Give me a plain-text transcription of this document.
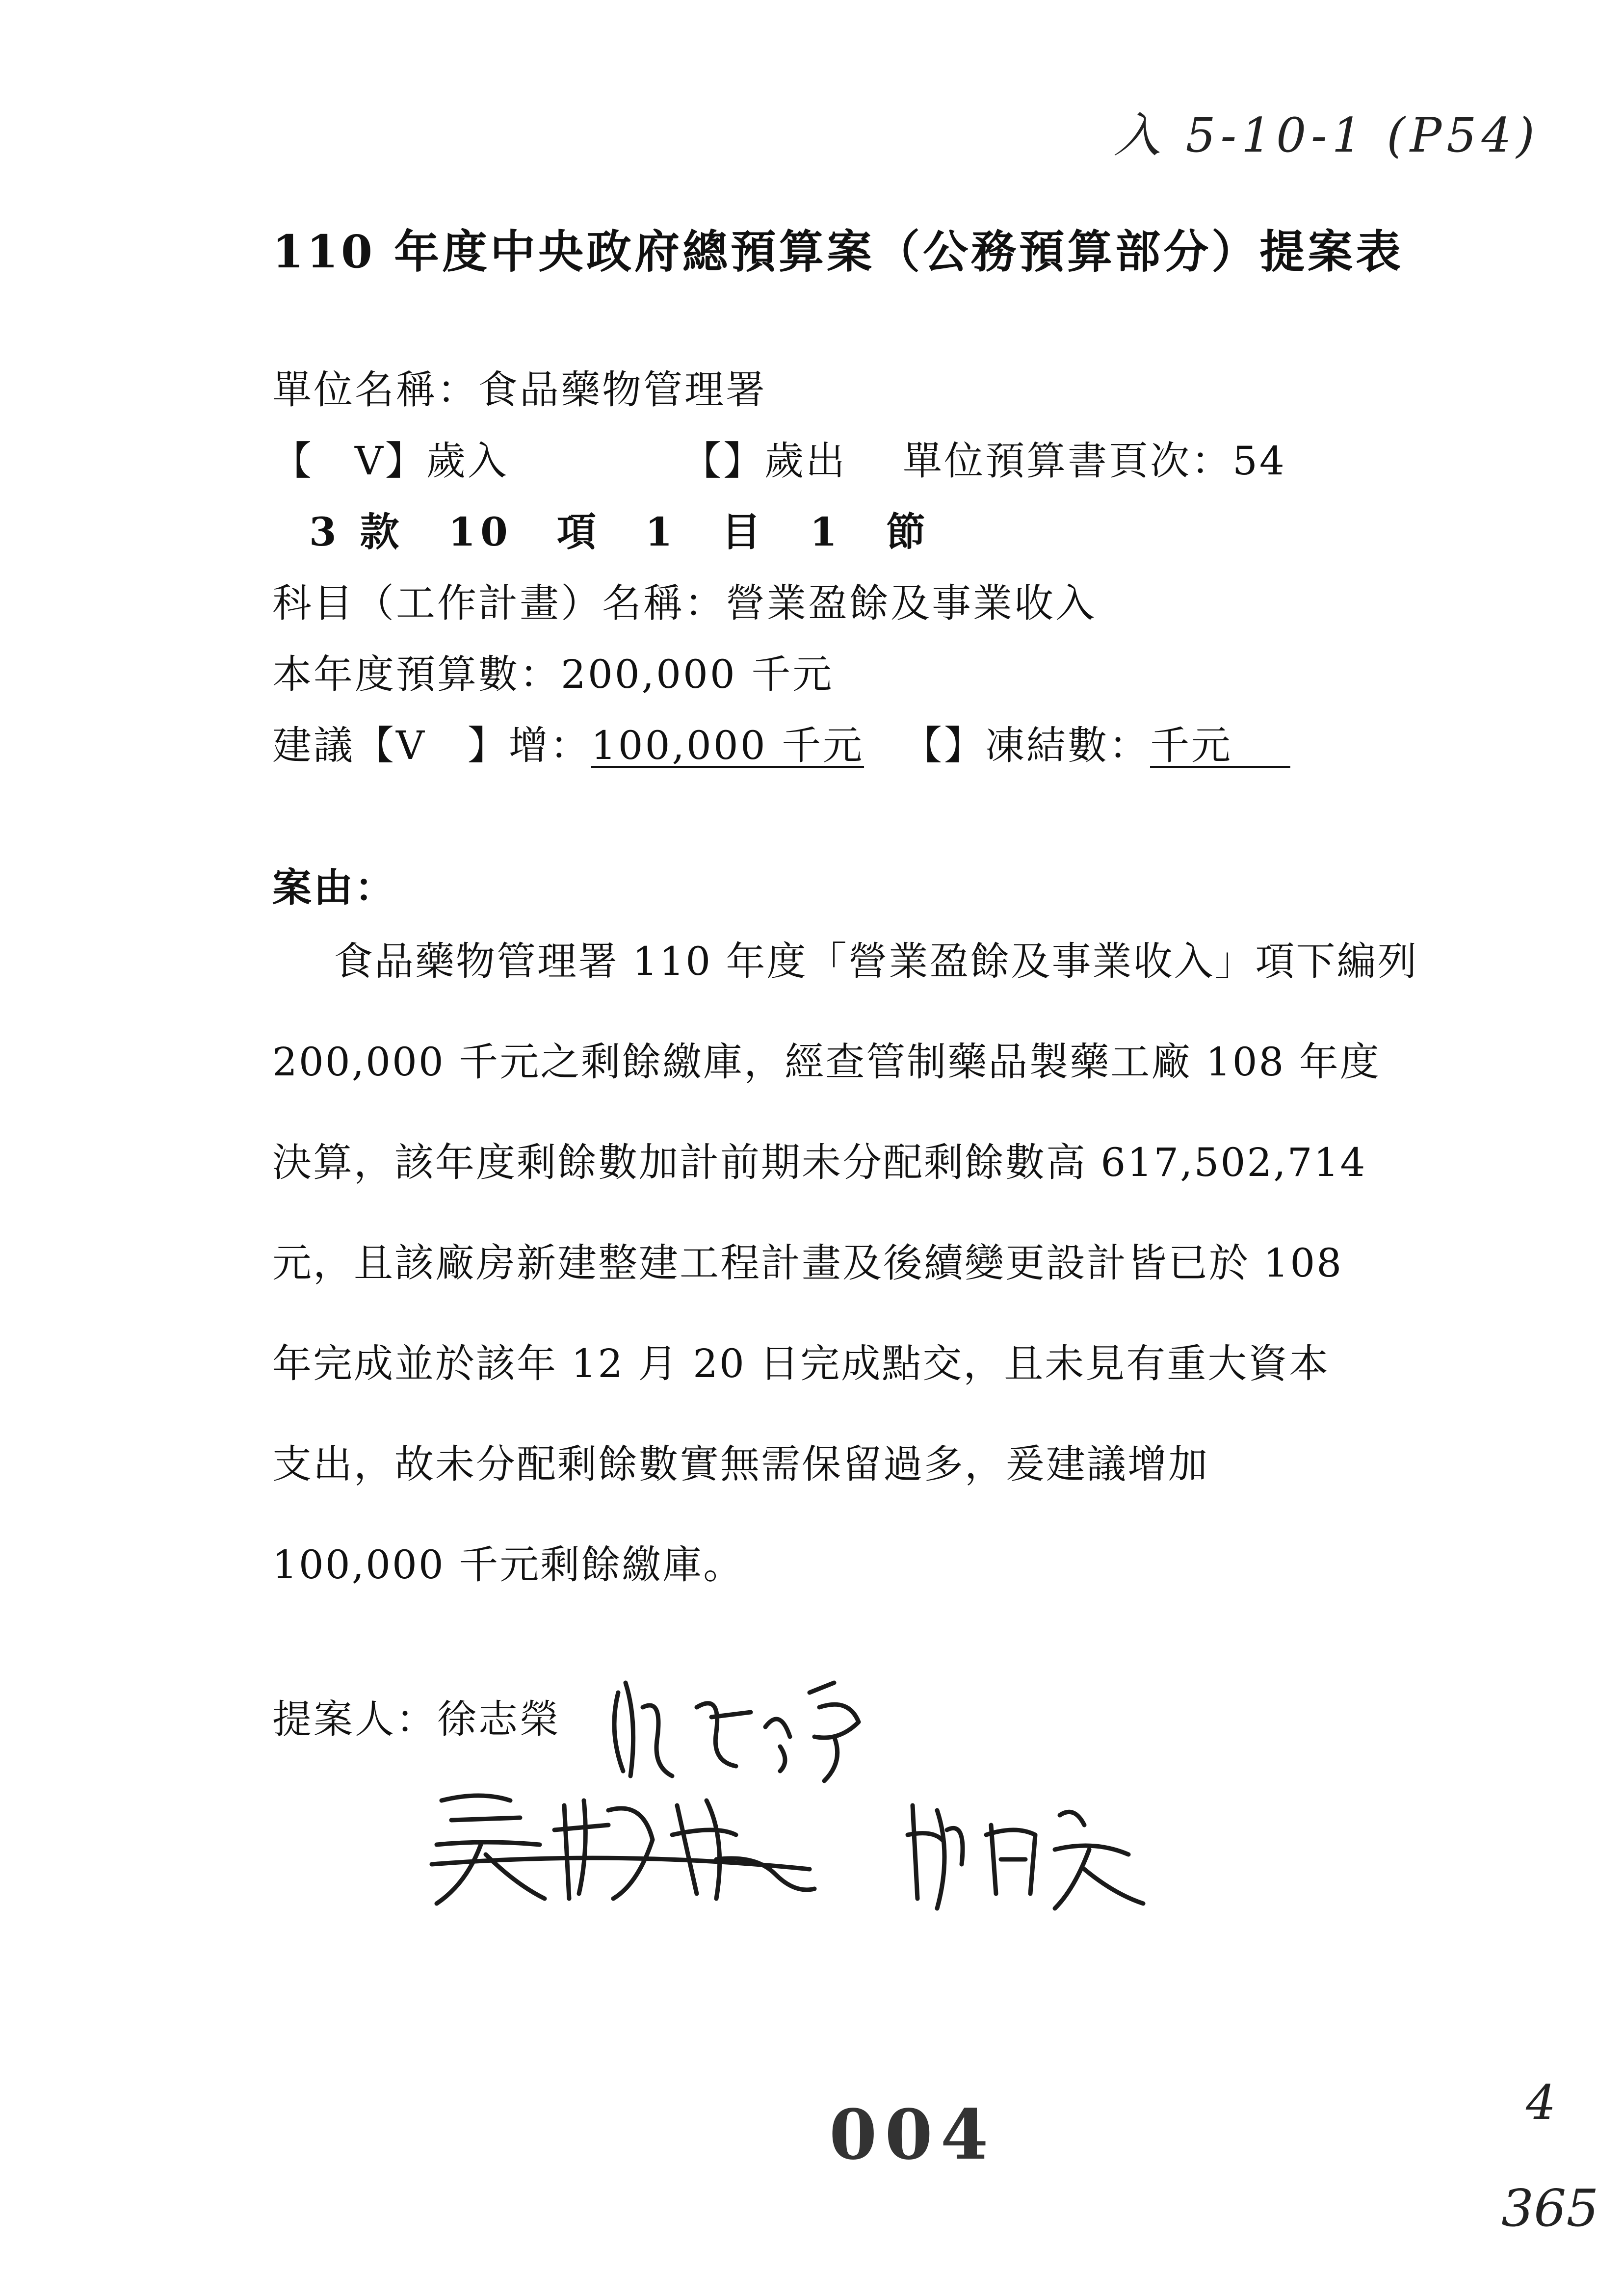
入 5-10-1 (P54)
110 年度中央政府總預算案（公務預算部分）提案表
單位名稱：食品藥物管理署
【　V】歲入	【】歲出 單位預算書頁次：54
3 款　10　項　1　目　1　節
科目（工作計畫）名稱：營業盈餘及事業收入
本年度預算數：200,000 千元
建議【V　】增：100,000 千元 【】凍結數：千元
案由：
食品藥物管理署 110 年度「營業盈餘及事業收入」項下編列
200,000 千元之剩餘繳庫，經查管制藥品製藥工廠 108 年度
決算，該年度剩餘數加計前期未分配剩餘數高 617,502,714
元，且該廠房新建整建工程計畫及後續變更設計皆已於 108
年完成並於該年 12 月 20 日完成點交，且未見有重大資本
支出，故未分配剩餘數實無需保留過多，爰建議增加
100,000 千元剩餘繳庫。
提案人：徐志榮
004	4
365
